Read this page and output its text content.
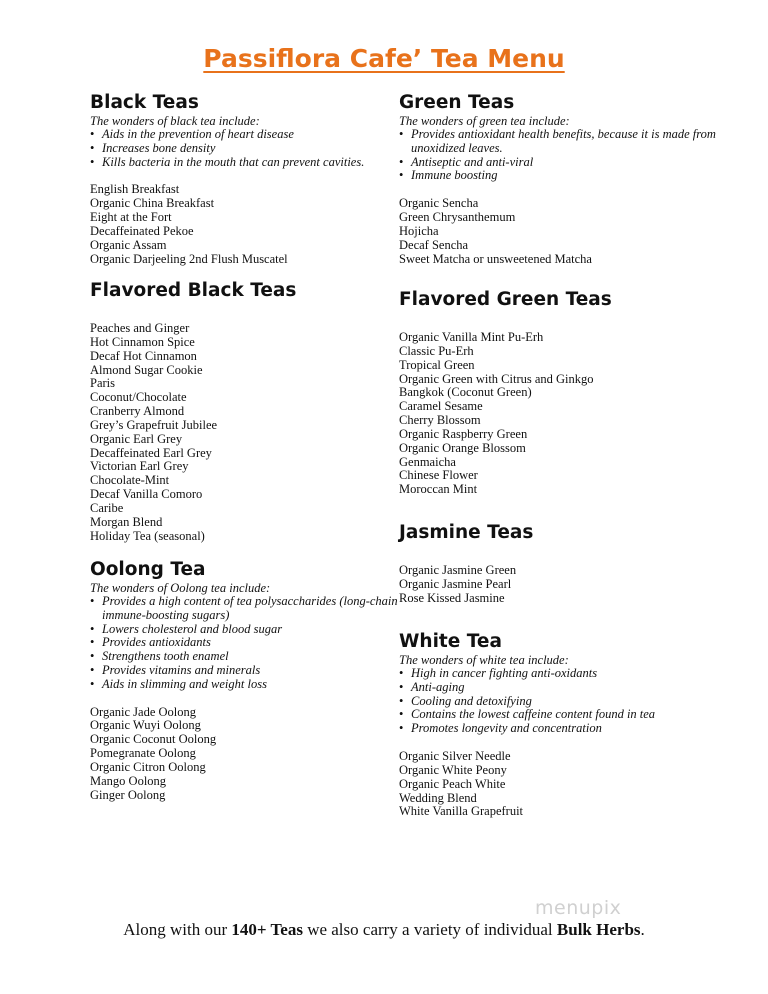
Passiflora Cafe’ Tea Menu
Black Teas

The wonders of black tea include:

• Aids in the prevention of heart disease
• Increases bone density
• Kills bacteria in the mouth that can prevent cavities.
English Breakfast
Organic China Breakfast
Eight at the Fort
Decaffeinated Pekoe
Organic Assam
Organic Darjeeling 2nd Flush Muscatel
Flavored Black Teas
Peaches and Ginger
Hot Cinnamon Spice
Decaf Hot Cinnamon
Almond Sugar Cookie
Paris
Coconut/Chocolate
Cranberry Almond
Grey’s Grapefruit Jubilee
Organic Earl Grey
Decaffeinated Earl Grey
Victorian Earl Grey
Chocolate-Mint
Decaf Vanilla Comoro
Caribe
Morgan Blend
Holiday Tea (seasonal)
Oolong Tea

The wonders of Oolong tea include:

• Provides a high content of tea polysaccharides (long-chain immune-boosting sugars)
• Lowers cholesterol and blood sugar
• Provides antioxidants
• Strengthens tooth enamel
• Provides vitamins and minerals
• Aids in slimming and weight loss
Organic Jade Oolong
Organic Wuyi Oolong
Organic Coconut Oolong
Pomegranate Oolong
Organic Citron Oolong
Mango Oolong
Ginger Oolong
Green Teas

The wonders of green tea include:

• Provides antioxidant health benefits, because it is made from unoxidized leaves.
• Antiseptic and anti-viral
• Immune boosting
Organic Sencha
Green Chrysanthemum
Hojicha
Decaf Sencha
Sweet Matcha or unsweetened Matcha
Flavored Green Teas
Organic Vanilla Mint Pu-Erh
Classic Pu-Erh
Tropical Green
Organic Green with Citrus and Ginkgo
Bangkok (Coconut Green)
Caramel Sesame
Cherry Blossom
Organic Raspberry Green
Organic Orange Blossom
Genmaicha
Chinese Flower
Moroccan Mint
Jasmine Teas
Organic Jasmine Green
Organic Jasmine Pearl
Rose Kissed Jasmine
White Tea

The wonders of white tea include:

• High in cancer fighting anti-oxidants
• Anti-aging
• Cooling and detoxifying
• Contains the lowest caffeine content found in tea
• Promotes longevity and concentration
Organic Silver Needle
Organic White Peony
Organic Peach White
Wedding Blend
White Vanilla Grapefruit
menupix

Along with our 140+ Teas we also carry a variety of individual Bulk Herbs.
